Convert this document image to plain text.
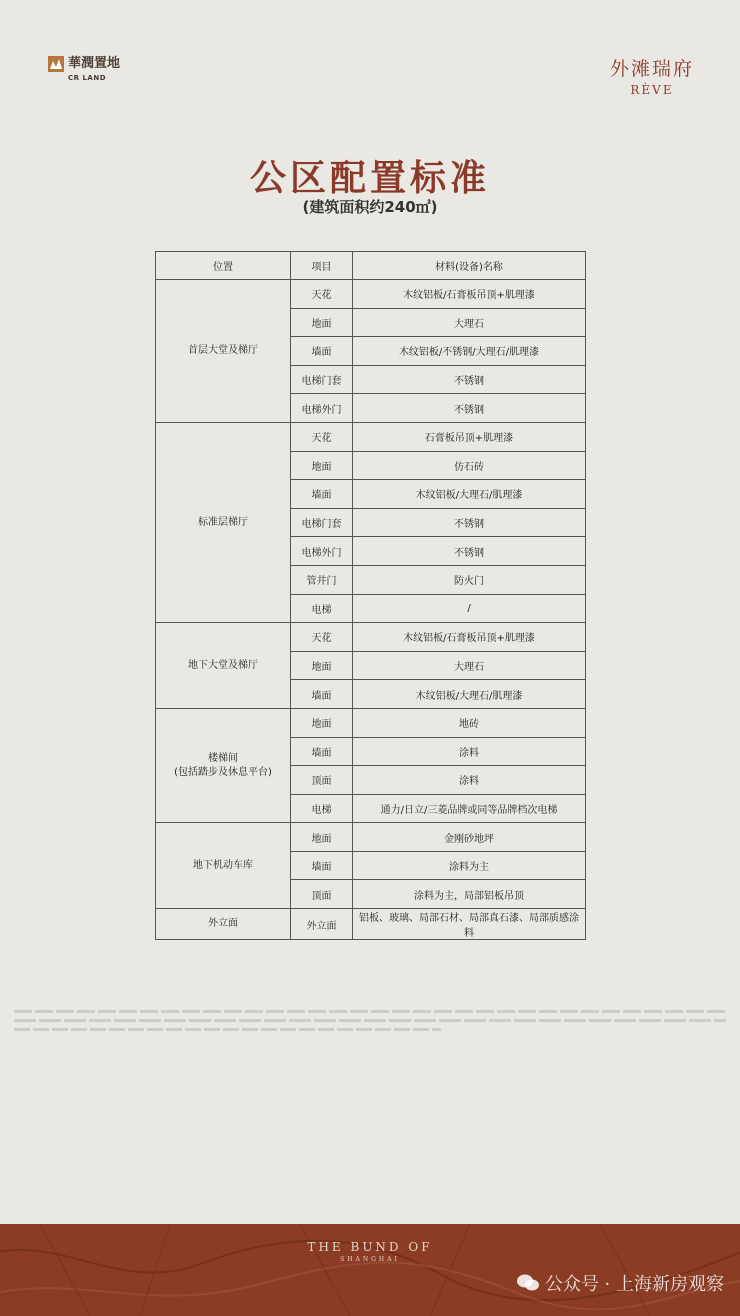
華潤置地
CR LAND	外滩瑞府
RÈVE
公区配置标准
(建筑面积约240㎡)
位置	项目	材料(设备)名称
首层大堂及梯厅	天花	木纹铝板/石膏板吊顶+肌理漆
	地面	大理石
	墙面	木纹铝板/不锈钢/大理石/肌理漆
	电梯门套	不锈钢
	电梯外门	不锈钢
标准层梯厅	天花	石膏板吊顶+肌理漆
	地面	仿石砖
	墙面	木纹铝板/大理石/肌理漆
	电梯门套	不锈钢
	电梯外门	不锈钢
	管井门	防火门
	电梯	/
地下大堂及梯厅	天花	木纹铝板/石膏板吊顶+肌理漆
	地面	大理石
	墙面	木纹铝板/大理石/肌理漆
楼梯间
(包括踏步及休息平台)	地面	地砖
	墙面	涂料
	顶面	涂料
	电梯	通力/日立/三菱品牌或同等品牌档次电梯
地下机动车库	地面	金刚砂地坪
	墙面	涂料为主
	顶面	涂料为主，局部铝板吊顶
外立面	外立面	铝板、玻璃、局部石材、局部真石漆、局部质感涂料
THE BUND OF
SHANGHAI
公众号 · 上海新房观察
